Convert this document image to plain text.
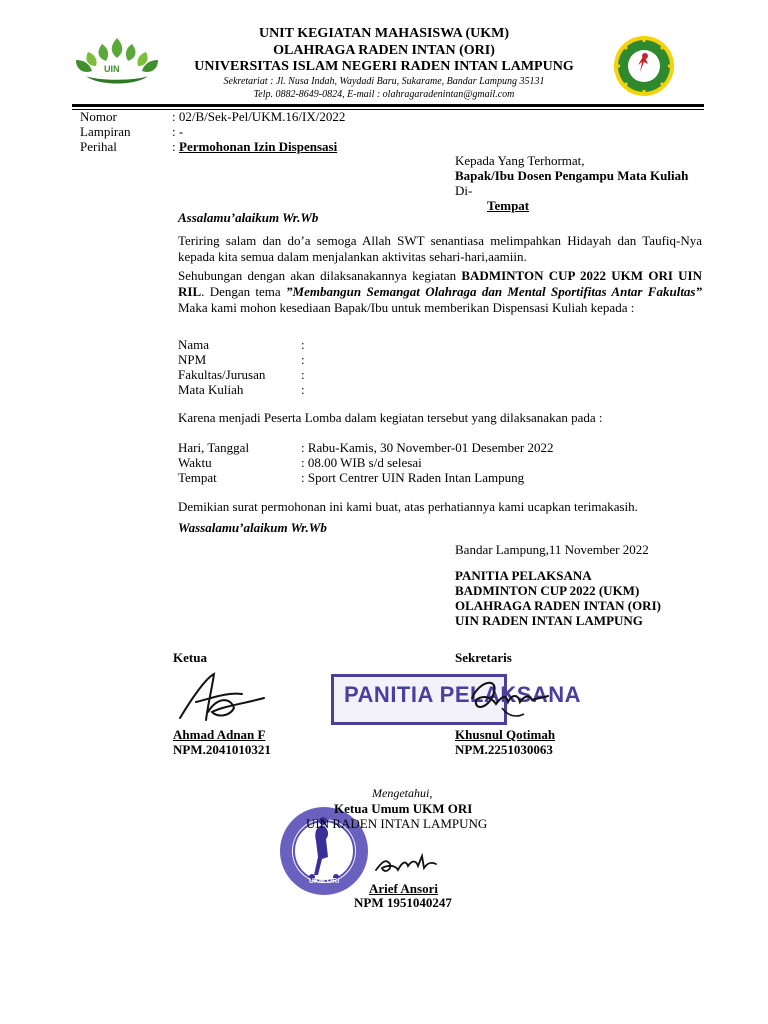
UIN
UNIT KEGIATAN MAHASISWA (UKM)
OLAHRAGA RADEN INTAN (ORI)
UNIVERSITAS ISLAM NEGERI RADEN INTAN LAMPUNG
Sekretariat : Jl. Nusa Indah, Waydadi Baru, Sukarame, Bandar Lampung 35131
Telp. 0882-8649-0824, E-mail : olahragaradenintan@gmail.com
Nomor	: 02/B/Sek-Pel/UKM.16/IX/2022
Lampiran	: -
Perihal	: Permohonan Izin Dispensasi
Kepada Yang Terhormat,
Bapak/Ibu Dosen Pengampu Mata Kuliah
Di-
Tempat
Assalamu’alaikum Wr.Wb
Teriring salam dan do’a semoga Allah SWT senantiasa melimpahkan Hidayah dan Taufiq-Nya kepada kita semua dalam menjalankan aktivitas sehari-hari,aamiin.
Sehubungan dengan akan dilaksanakannya kegiatan BADMINTON CUP 2022 UKM ORI UIN RIL. Dengan tema ”Membangun Semangat Olahraga dan Mental Sportifitas Antar Fakultas” Maka kami mohon kesediaan Bapak/Ibu untuk memberikan Dispensasi Kuliah kepada :
Nama	:
NPM	:
Fakultas/Jurusan	:
Mata Kuliah	:
Karena menjadi Peserta Lomba dalam kegiatan tersebut yang dilaksanakan pada :
Hari, Tanggal	: Rabu-Kamis, 30 November-01 Desember 2022
Waktu	: 08.00 WIB s/d selesai
Tempat	: Sport Centrer UIN Raden Intan Lampung
Demikian surat permohonan ini kami buat, atas perhatiannya kami ucapkan terimakasih.
Wassalamu’alaikum Wr.Wb
Bandar Lampung,11 November 2022
PANITIA PELAKSANA
BADMINTON CUP 2022 (UKM)
OLAHRAGA RADEN INTAN (ORI)
UIN RADEN INTAN LAMPUNG
Ketua	Sekretaris
PANITIA PELAKSANA
Ahmad Adnan F
NPM.2041010321
Khusnul Qotimah
NPM.2251030063
Mengetahui,
UKM ORI
Ketua Umum UKM ORI
UIN RADEN INTAN LAMPUNG
Arief Ansori
NPM 1951040247
